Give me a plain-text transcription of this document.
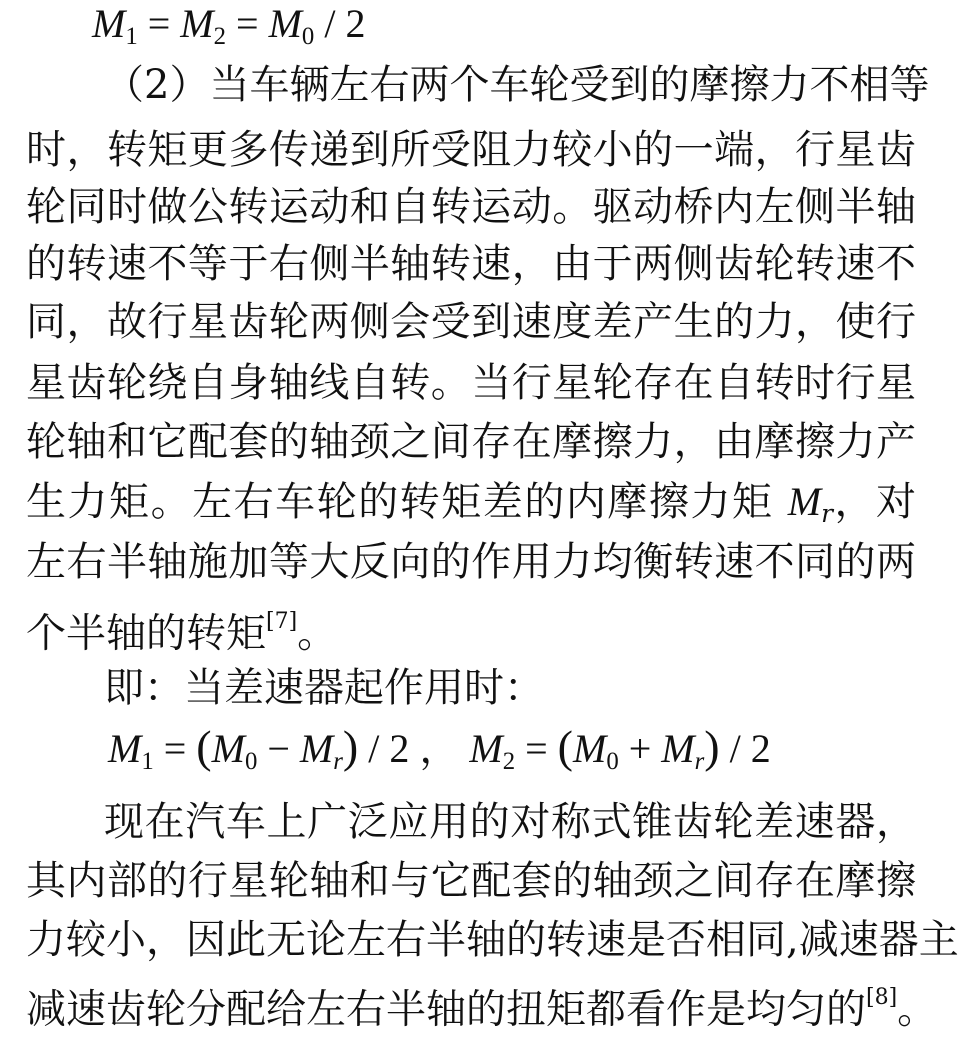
$M_1 = M_2 = M_0 / 2$
（2）当车辆左右两个车轮受到的摩擦力不相等
时，转矩更多传递到所受阻力较小的一端，行星齿
轮同时做公转运动和自转运动。驱动桥内左侧半轴
的转速不等于右侧半轴转速，由于两侧齿轮转速不
同，故行星齿轮两侧会受到速度差产生的力，使行
星齿轮绕自身轴线自转。当行星轮存在自转时行星
轮轴和它配套的轴颈之间存在摩擦力，由摩擦力产
生力矩。左右车轮的转矩差的内摩擦力矩 $M_r$，对
左右半轴施加等大反向的作用力均衡转速不同的两
个半轴的转矩[7]。
即：当差速器起作用时：
$M_1 = (M_0 - M_r) / 2$ ， $M_2 = (M_0 + M_r) / 2$
现在汽车上广泛应用的对称式锥齿轮差速器，
其内部的行星轮轴和与它配套的轴颈之间存在摩擦
力较小，因此无论左右半轴的转速是否相同,减速器主
减速齿轮分配给左右半轴的扭矩都看作是均匀的[8]。
